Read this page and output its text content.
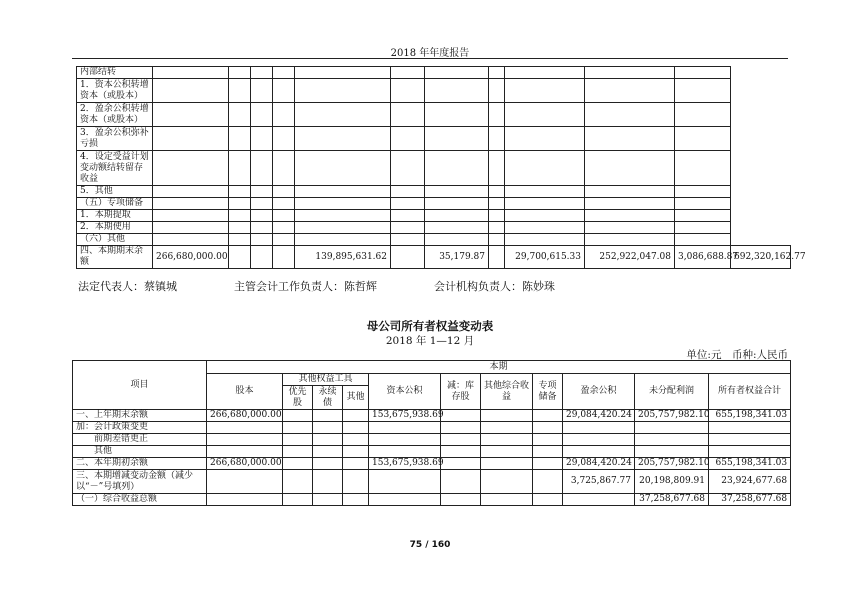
2018 年年度报告
内部结转												
1．资本公积转增资本（或股本）												
2．盈余公积转增资本（或股本）												
3．盈余公积弥补亏损												
4．设定受益计划变动额结转留存收益												
5．其他												
（五）专项储备												
1．本期提取												
2．本期使用												
（六）其他												
四、本期期末余额	266,680,000.00				139,895,631.62		35,179.87		29,700,615.33	252,922,047.08	3,086,688.87	692,320,162.77
法定代表人：蔡镇城	主管会计工作负责人：陈哲辉	会计机构负责人：陈妙珠
母公司所有者权益变动表
2018 年 1—12 月
单位:元　币种:人民币
项目	本期										
	股本	其他权益工具			资本公积	减：库存股	其他综合收益	专项储备	盈余公积	未分配利润	所有者权益合计
		优先股	永续债	其他							
一、上年期末余额	266,680,000.00				153,675,938.69				29,084,420.24	205,757,982.10	655,198,341.03
加：会计政策变更											
　　前期差错更正											
　　其他											
二、本年期初余额	266,680,000.00				153,675,938.69				29,084,420.24	205,757,982.10	655,198,341.03
三、本期增减变动金额（减少以“－”号填列）									3,725,867.77	20,198,809.91	23,924,677.68
（一）综合收益总额										37,258,677.68	37,258,677.68
75 / 160
